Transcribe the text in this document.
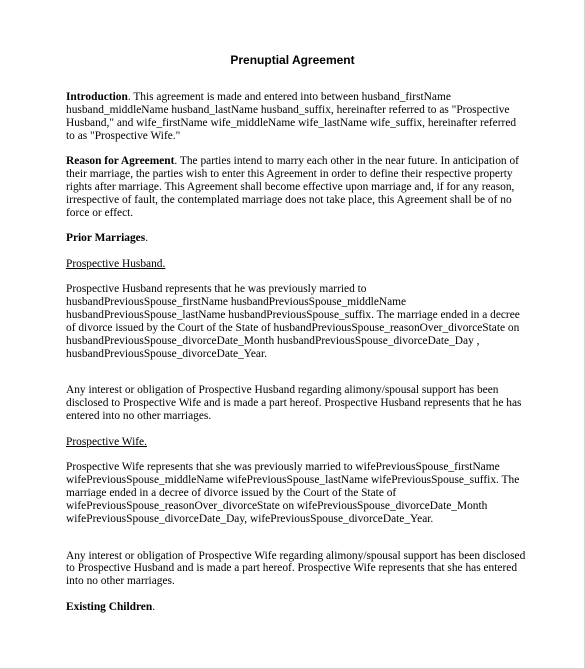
Prenuptial Agreement

Introduction. This agreement is made and entered into between husband_firstName husband_middleName husband_lastName husband_suffix, hereinafter referred to as "Prospective Husband," and wife_firstName wife_middleName wife_lastName wife_suffix, hereinafter referred to as "Prospective Wife."

Reason for Agreement. The parties intend to marry each other in the near future. In anticipation of their marriage, the parties wish to enter this Agreement in order to define their respective property rights after marriage. This Agreement shall become effective upon marriage and, if for any reason, irrespective of fault, the contemplated marriage does not take place, this Agreement shall be of no force or effect.

Prior Marriages.

Prospective Husband.

Prospective Husband represents that he was previously married to husbandPreviousSpouse_firstName husbandPreviousSpouse_middleName husbandPreviousSpouse_lastName husbandPreviousSpouse_suffix. The marriage ended in a decree of divorce issued by the Court of the State of husbandPreviousSpouse_reasonOver_divorceState on husbandPreviousSpouse_divorceDate_Month husbandPreviousSpouse_divorceDate_Day , husbandPreviousSpouse_divorceDate_Year.

Any interest or obligation of Prospective Husband regarding alimony/spousal support has been disclosed to Prospective Wife and is made a part hereof. Prospective Husband represents that he has entered into no other marriages.

Prospective Wife.

Prospective Wife represents that she was previously married to wifePreviousSpouse_firstName wifePreviousSpouse_middleName wifePreviousSpouse_lastName wifePreviousSpouse_suffix. The marriage ended in a decree of divorce issued by the Court of the State of wifePreviousSpouse_reasonOver_divorceState on wifePreviousSpouse_divorceDate_Month wifePreviousSpouse_divorceDate_Day, wifePreviousSpouse_divorceDate_Year.

Any interest or obligation of Prospective Wife regarding alimony/spousal support has been disclosed to Prospective Husband and is made a part hereof. Prospective Wife represents that she has entered into no other marriages.

Existing Children.
